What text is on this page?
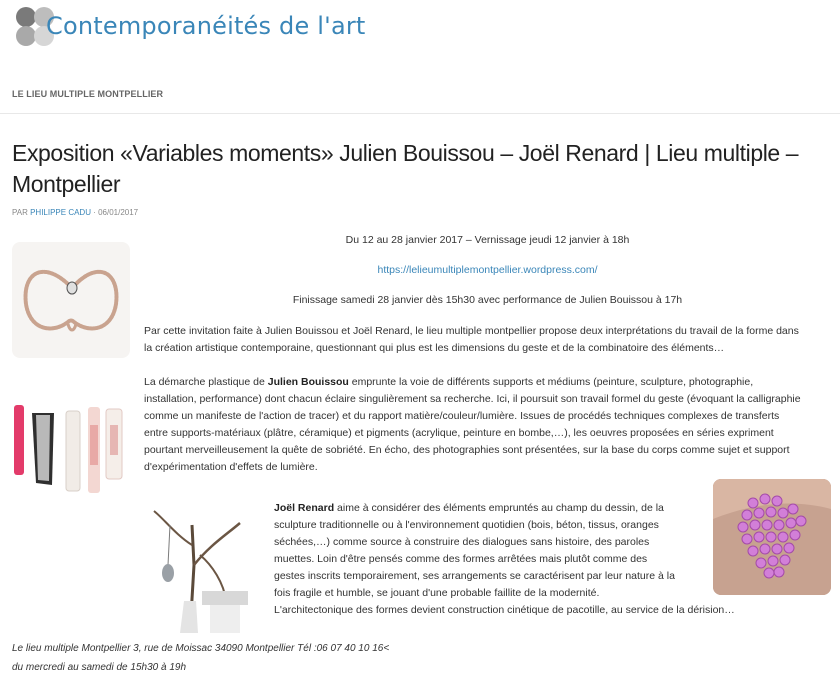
Contemporanéités de l'art
LE LIEU MULTIPLE MONTPELLIER
Exposition «Variables moments» Julien Bouissou – Joël Renard | Lieu multiple – Montpellier
PAR PHILIPPE CADU · 06/01/2017
Du 12 au 28 janvier 2017 – Vernissage jeudi 12 janvier à 18h
https://lelieumultiplemontpellier.wordpress.com/
Finissage samedi 28 janvier dès 15h30 avec performance de Julien Bouissou à 17h

Par cette invitation faite à Julien Bouissou et Joël Renard, le lieu multiple montpellier propose deux interprétations du travail de la forme dans

la création artistique contemporaine, questionnant qui plus est les dimensions du geste et de la combinatoire des éléments…

La démarche plastique de Julien Bouissou emprunte la voie de différents supports et médiums (peinture, sculpture, photographie,

installation, performance) dont chacun éclaire singulièrement sa recherche. Ici, il poursuit son travail formel du geste (évoquant la calligraphie

comme un manifeste de l'action de tracer) et du rapport matière/couleur/lumière. Issues de procédés techniques complexes de transferts

entre supports-matériaux (plâtre, céramique) et pigments (acrylique, peinture en bombe,…), les oeuvres proposées en séries expriment

pourtant merveilleusement la quête de sobriété. En écho, des photographies sont présentées, sur la base du corps comme sujet et support

d'expérimentation d'effets de lumière.

Joël Renard aime à considérer des éléments empruntés au champ du dessin, de la

sculpture traditionnelle ou à l'environnement quotidien (bois, béton, tissus, oranges

séchées,…) comme source à construire des dialogues sans histoire, des paroles

muettes. Loin d'être pensés comme des formes arrêtées mais plutôt comme des

gestes inscrits temporairement, ses arrangements se caractérisent par leur nature à la

fois fragile et humble, se jouant d'une probable faillite de la modernité.

L'architectonique des formes devient construction cinétique de pacotille, au service de la dérision…

Le lieu multiple Montpellier 3, rue de Moissac 34090 Montpellier Tél :06 07 40 10 16<
du mercredi au samedi de 15h30 à 19h
